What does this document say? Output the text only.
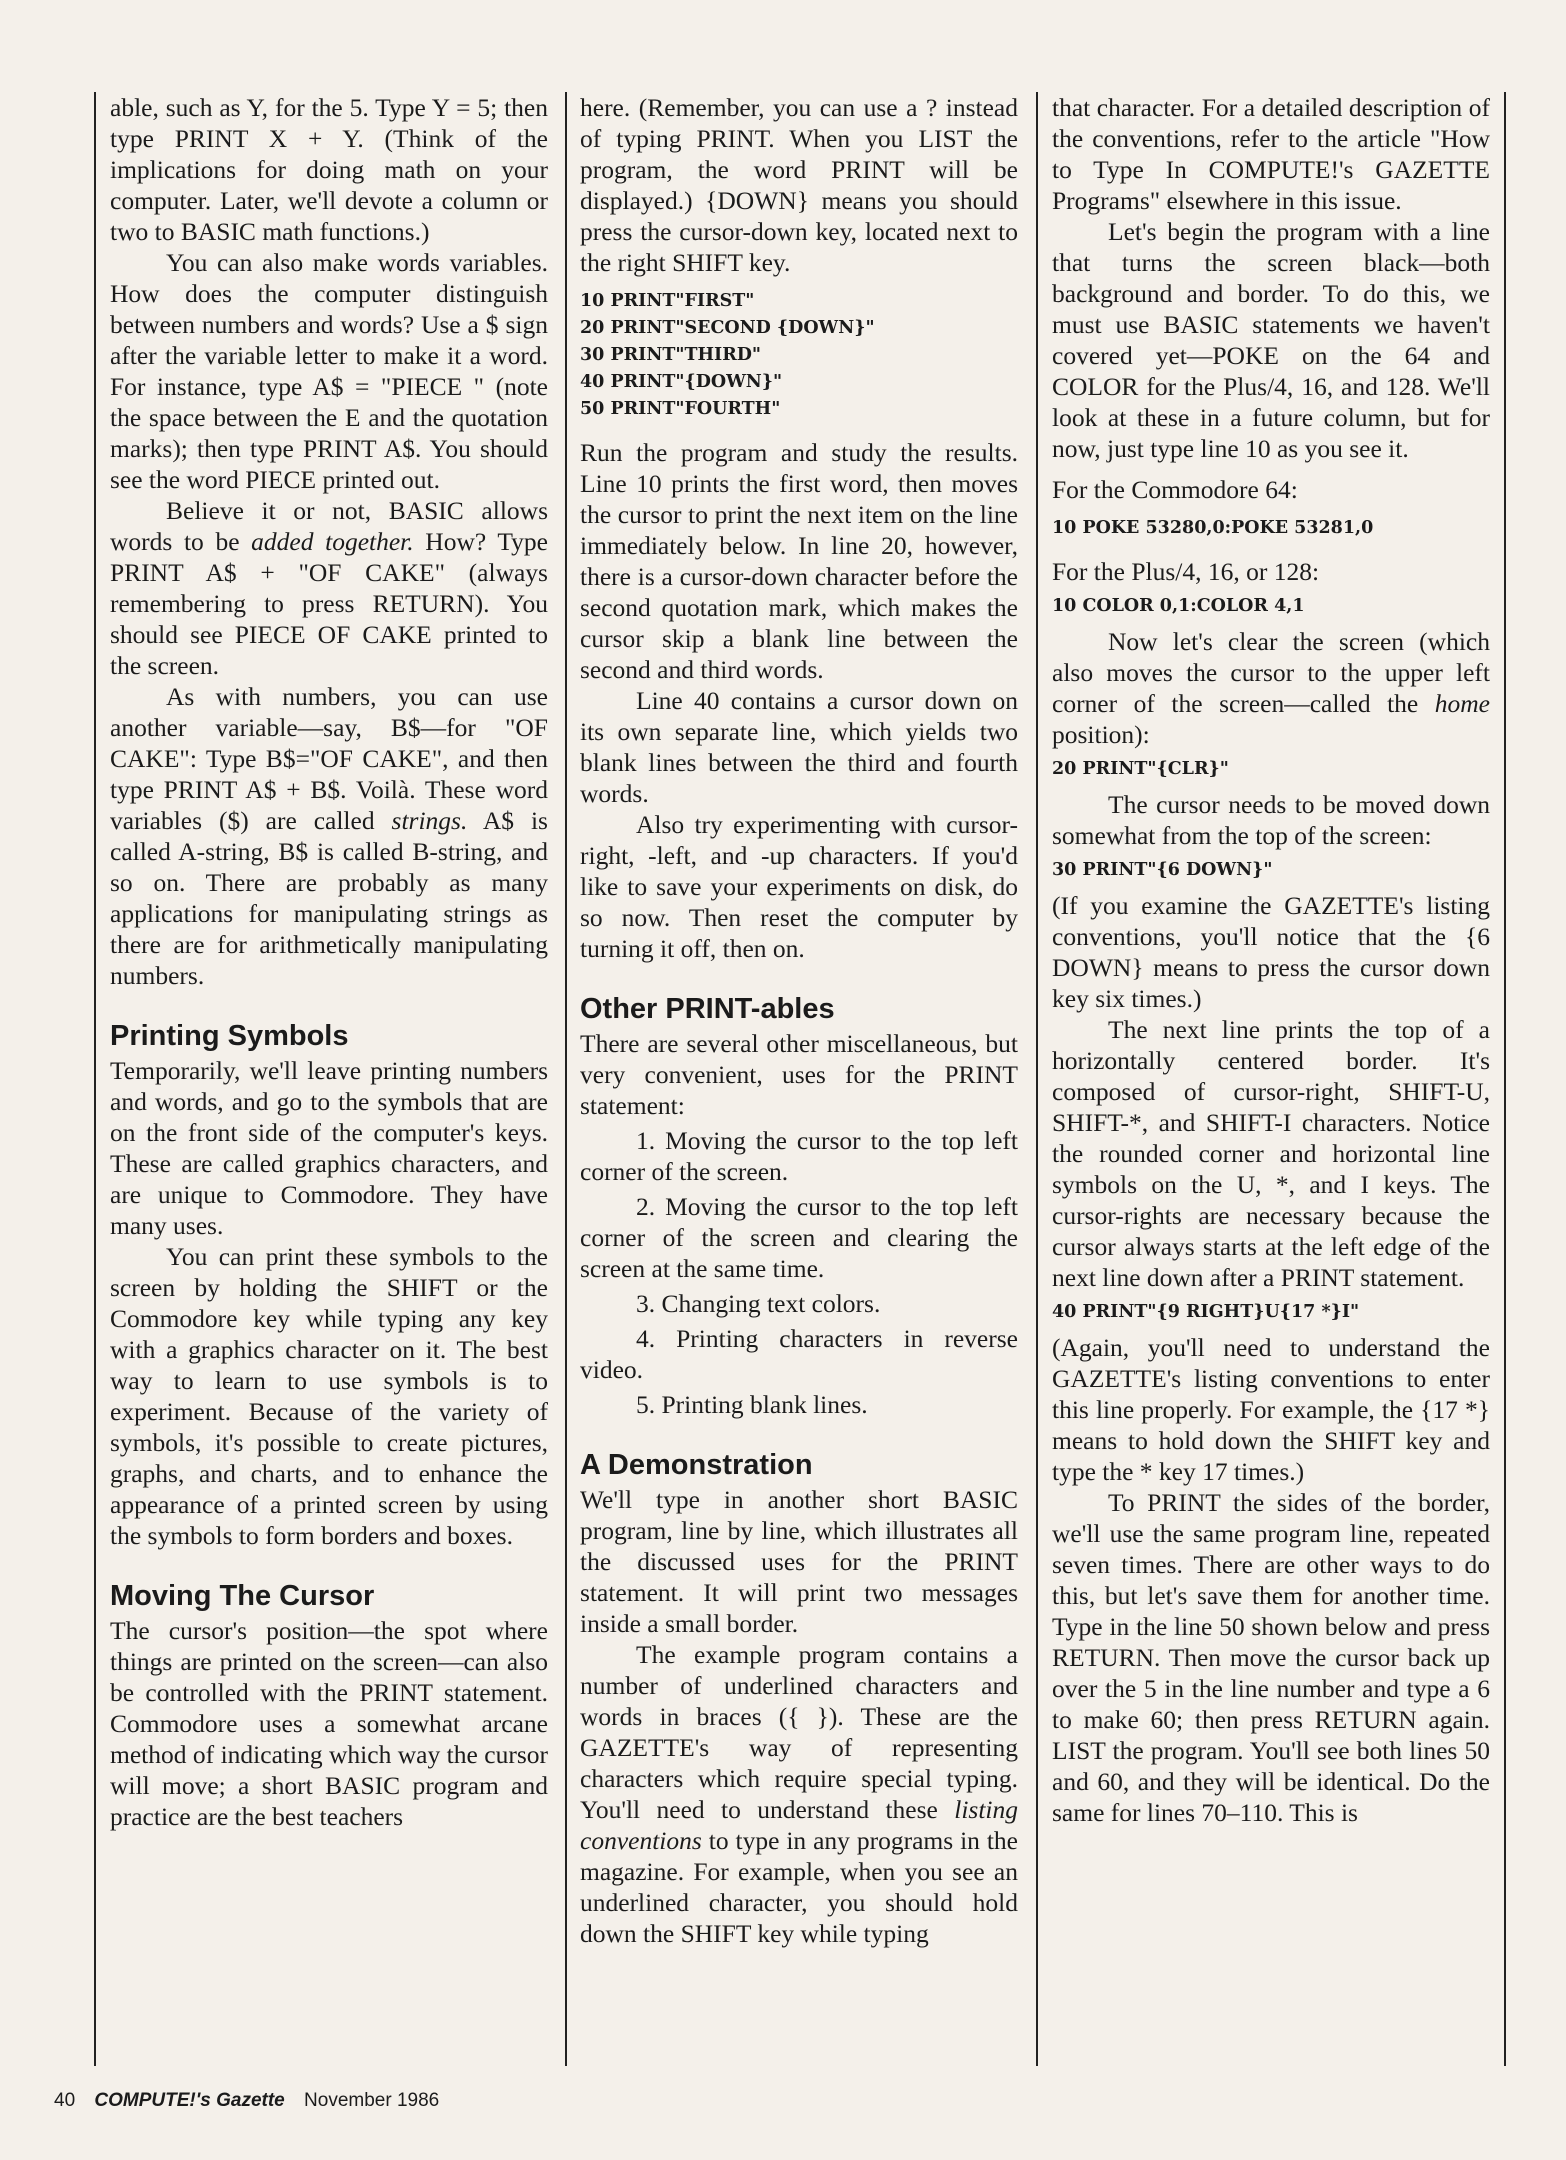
able, such as Y, for the 5. Type Y = 5; then type PRINT X + Y. (Think of the implications for doing math on your computer. Later, we'll devote a column or two to BASIC math functions.)

You can also make words variables. How does the computer distinguish between numbers and words? Use a $ sign after the variable letter to make it a word. For instance, type A$ = "PIECE " (note the space between the E and the quotation marks); then type PRINT A$. You should see the word PIECE printed out.

Believe it or not, BASIC allows words to be added together. How? Type PRINT A$ + "OF CAKE" (always remembering to press RETURN). You should see PIECE OF CAKE printed to the screen.

As with numbers, you can use another variable—say, B$—for "OF CAKE": Type B$="OF CAKE", and then type PRINT A$ + B$. Voilà. These word variables ($) are called strings. A$ is called A-string, B$ is called B-string, and so on. There are probably as many applications for manipulating strings as there are for arithmetically manipulating numbers.

Printing Symbols

Temporarily, we'll leave printing numbers and words, and go to the symbols that are on the front side of the computer's keys. These are called graphics characters, and are unique to Commodore. They have many uses.

You can print these symbols to the screen by holding the SHIFT or the Commodore key while typing any key with a graphics character on it. The best way to learn to use symbols is to experiment. Because of the variety of symbols, it's possible to create pictures, graphs, and charts, and to enhance the appearance of a printed screen by using the symbols to form borders and boxes.

Moving The Cursor

The cursor's position—the spot where things are printed on the screen—can also be controlled with the PRINT statement. Commodore uses a somewhat arcane method of indicating which way the cursor will move; a short BASIC program and practice are the best teachers

here. (Remember, you can use a ? instead of typing PRINT. When you LIST the program, the word PRINT will be displayed.) {DOWN} means you should press the cursor-down key, located next to the right SHIFT key.

10 PRINT"FIRST"
20 PRINT"SECOND {DOWN}"
30 PRINT"THIRD"
40 PRINT"{DOWN}"
50 PRINT"FOURTH"

Run the program and study the results. Line 10 prints the first word, then moves the cursor to print the next item on the line immediately below. In line 20, however, there is a cursor-down character before the second quotation mark, which makes the cursor skip a blank line between the second and third words.

Line 40 contains a cursor down on its own separate line, which yields two blank lines between the third and fourth words.

Also try experimenting with cursor-right, -left, and -up characters. If you'd like to save your experiments on disk, do so now. Then reset the computer by turning it off, then on.

Other PRINT-ables

There are several other miscellaneous, but very convenient, uses for the PRINT statement:

1. Moving the cursor to the top left corner of the screen.

2. Moving the cursor to the top left corner of the screen and clearing the screen at the same time.

3. Changing text colors.

4. Printing characters in reverse video.

5. Printing blank lines.

A Demonstration

We'll type in another short BASIC program, line by line, which illustrates all the discussed uses for the PRINT statement. It will print two messages inside a small border.

The example program contains a number of underlined characters and words in braces ({ }). These are the GAZETTE's way of representing characters which require special typing. You'll need to understand these listing conventions to type in any programs in the magazine. For example, when you see an underlined character, you should hold down the SHIFT key while typing

that character. For a detailed description of the conventions, refer to the article "How to Type In COMPUTE!'s GAZETTE Programs" elsewhere in this issue.

Let's begin the program with a line that turns the screen black—both background and border. To do this, we must use BASIC statements we haven't covered yet—POKE on the 64 and COLOR for the Plus/4, 16, and 128. We'll look at these in a future column, but for now, just type line 10 as you see it.

For the Commodore 64:

10 POKE 53280,0:POKE 53281,0

For the Plus/4, 16, or 128:

10 COLOR 0,1:COLOR 4,1

Now let's clear the screen (which also moves the cursor to the upper left corner of the screen—called the home position):

20 PRINT"{CLR}"

The cursor needs to be moved down somewhat from the top of the screen:

30 PRINT"{6 DOWN}"

(If you examine the GAZETTE's listing conventions, you'll notice that the {6 DOWN} means to press the cursor down key six times.)

The next line prints the top of a horizontally centered border. It's composed of cursor-right, SHIFT-U, SHIFT-*, and SHIFT-I characters. Notice the rounded corner and horizontal line symbols on the U, *, and I keys. The cursor-rights are necessary because the cursor always starts at the left edge of the next line down after a PRINT statement.

40 PRINT"{9 RIGHT}U{17 *}I"

(Again, you'll need to understand the GAZETTE's listing conventions to enter this line properly. For example, the {17 *} means to hold down the SHIFT key and type the * key 17 times.)

To PRINT the sides of the border, we'll use the same program line, repeated seven times. There are other ways to do this, but let's save them for another time. Type in the line 50 shown below and press RETURN. Then move the cursor back up over the 5 in the line number and type a 6 to make 60; then press RETURN again. LIST the program. You'll see both lines 50 and 60, and they will be identical. Do the same for lines 70–110. This is

40 COMPUTE!'s Gazette November 1986
